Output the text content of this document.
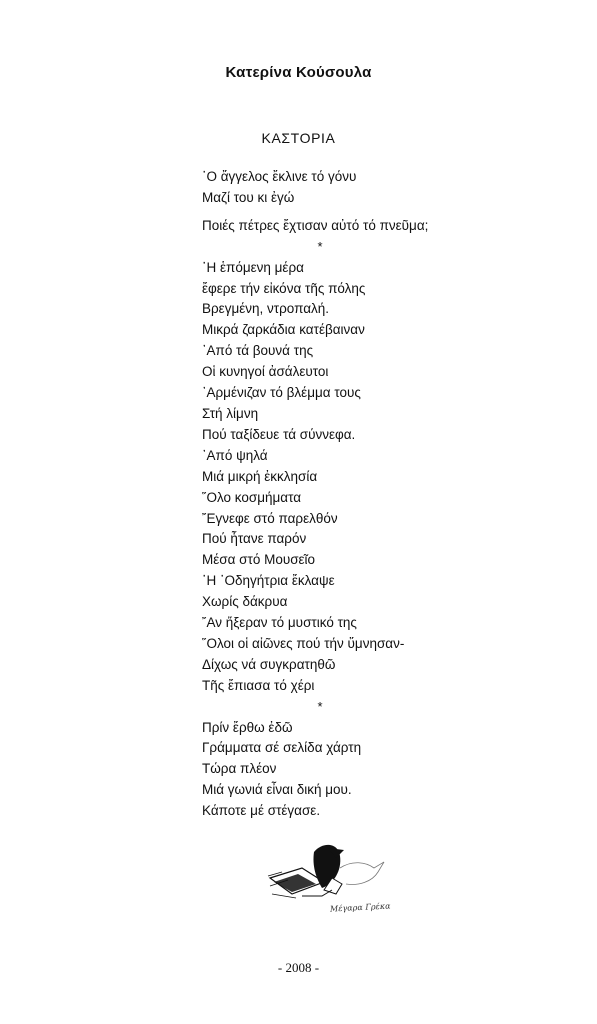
Κατερίνα Κούσουλα
ΚΑΣΤΟΡΙΑ
῾Ο ἄγγελος ἔκλινε τό γόνυ
Μαζί του κι ἐγώ
Ποιές πέτρες ἔχτισαν αὐτό τό πνεῦμα;
*
῾Η ἑπόμενη μέρα
ἔφερε τήν εἰκόνα τῆς πόλης
Βρεγμένη, ντροπαλή.
Μικρά ζαρκάδια κατέβαιναν
᾿Από τά βουνά της
Οἱ κυνηγοί ἀσάλευτοι
᾿Αρμένιζαν τό βλέμμα τους
Στή λίμνη
Πού ταξίδευε τά σύννεφα.
᾿Από ψηλά
Μιά μικρή ἐκκλησία
῞Ολο κοσμήματα
῎Εγνεφε στό παρελθόν
Πού ἦτανε παρόν
Μέσα στό Μουσεῖο
῾Η ῾Οδηγήτρια ἔκλαψε
Χωρίς δάκρυα
῎Αν ἤξεραν τό μυστικό της
῞Ολοι οἱ αἰῶνες πού τήν ὕμνησαν-
Δίχως νά συγκρατηθῶ
Τῆς ἔπιασα τό χέρι
*
Πρίν ἔρθω ἐδῶ
Γράμματα σέ σελίδα χάρτη
Τώρα πλέον
Μιά γωνιά εἶναι δική μου.
Κάποτε μέ στέγασε.
Μέγαρα Γρέκα
- 2008 -
